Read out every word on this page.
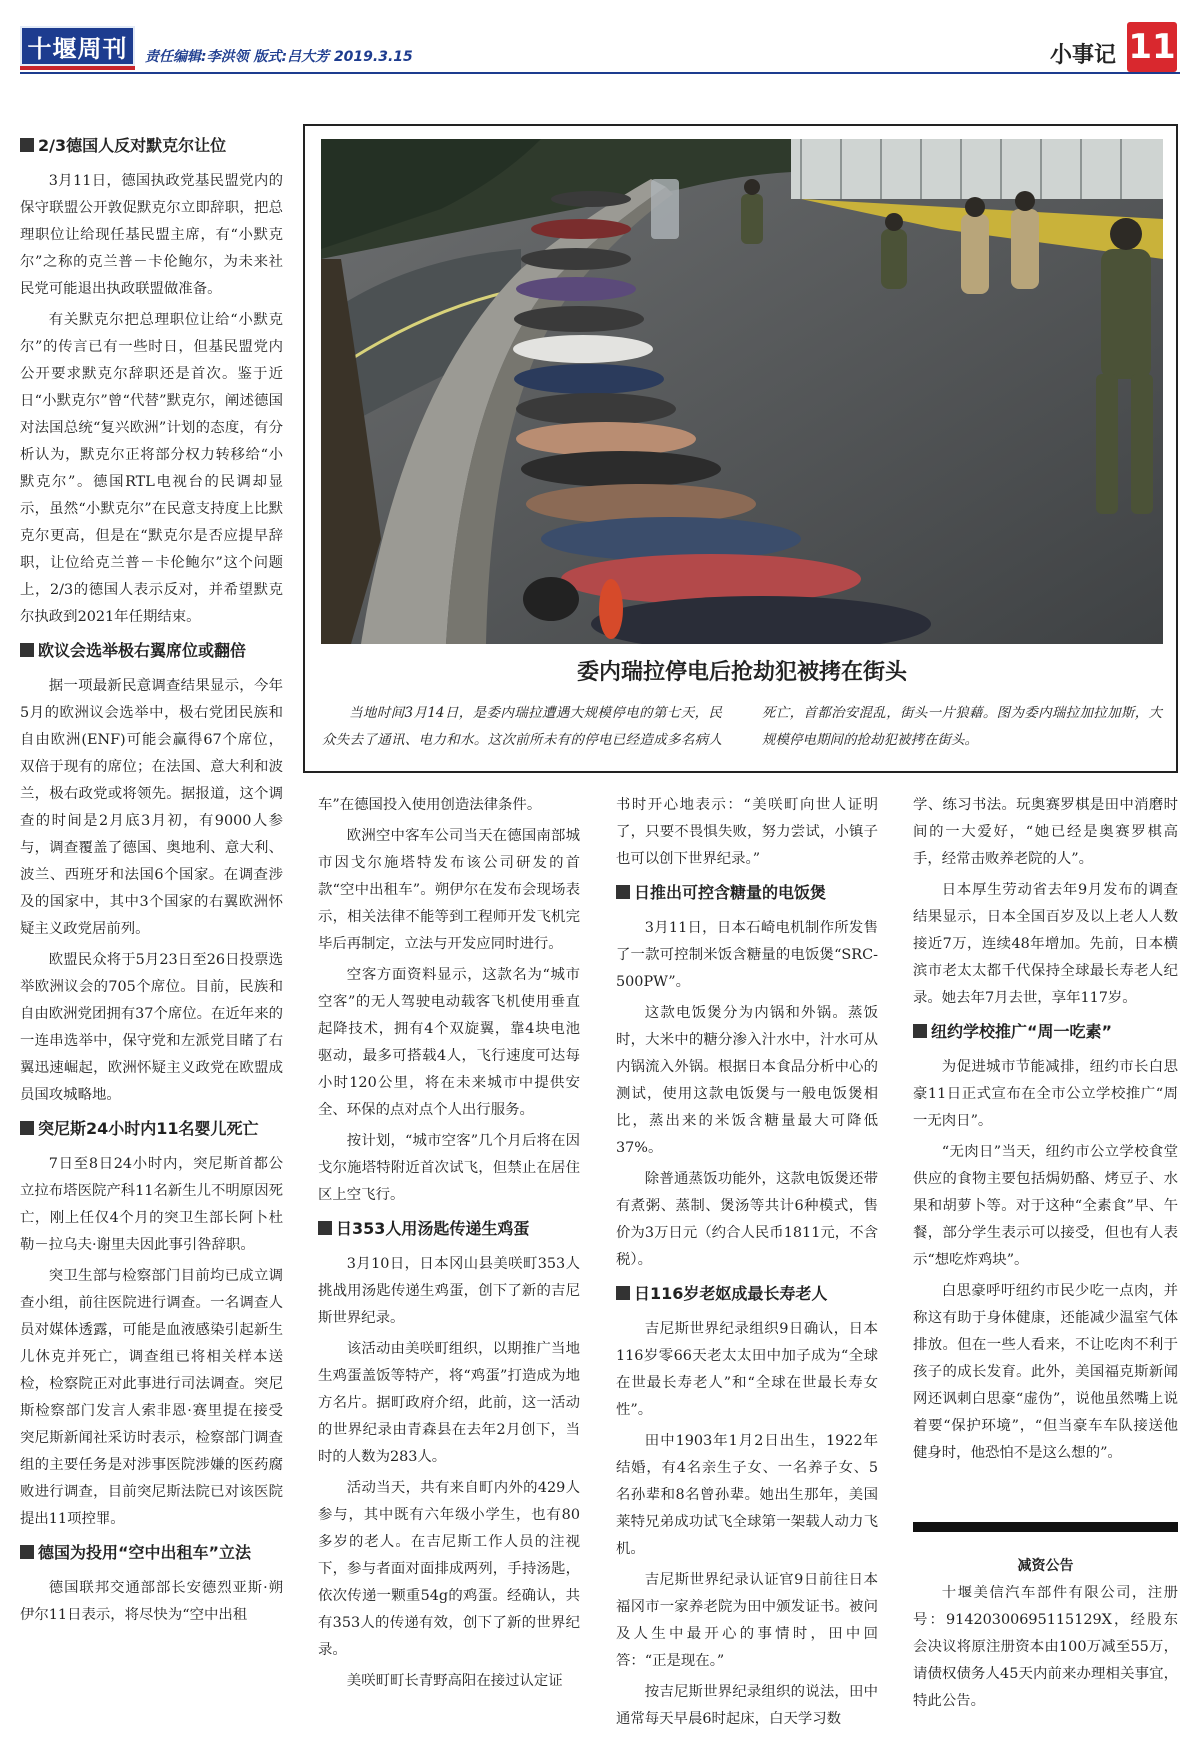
十堰周刊	责任编辑:李洪领 版式:吕大芳 2019.3.15	小事记 11
委内瑞拉停电后抢劫犯被拷在街头

当地时间3月14日，是委内瑞拉遭遇大规模停电的第七天，民众失去了通讯、电力和水。这次前所未有的停电已经造成多名病人死亡，首都治安混乱，街头一片狼藉。图为委内瑞拉加拉加斯，大规模停电期间的抢劫犯被拷在街头。

2/3德国人反对默克尔让位

3月11日，德国执政党基民盟党内的保守联盟公开敦促默克尔立即辞职，把总理职位让给现任基民盟主席，有“小默克尔”之称的克兰普－卡伦鲍尔，为未来社民党可能退出执政联盟做准备。

有关默克尔把总理职位让给“小默克尔”的传言已有一些时日，但基民盟党内公开要求默克尔辞职还是首次。鉴于近日“小默克尔”曾“代替”默克尔，阐述德国对法国总统“复兴欧洲”计划的态度，有分析认为，默克尔正将部分权力转移给“小默克尔”。德国RTL电视台的民调却显示，虽然“小默克尔”在民意支持度上比默克尔更高，但是在“默克尔是否应提早辞职，让位给克兰普－卡伦鲍尔”这个问题上，2/3的德国人表示反对，并希望默克尔执政到2021年任期结束。

欧议会选举极右翼席位或翻倍

据一项最新民意调查结果显示，今年5月的欧洲议会选举中，极右党团民族和自由欧洲(ENF)可能会赢得67个席位，双倍于现有的席位；在法国、意大利和波兰，极右政党或将领先。据报道，这个调查的时间是2月底3月初，有9000人参与，调查覆盖了德国、奥地利、意大利、波兰、西班牙和法国6个国家。在调查涉及的国家中，其中3个国家的右翼欧洲怀疑主义政党居前列。

欧盟民众将于5月23日至26日投票选举欧洲议会的705个席位。目前，民族和自由欧洲党团拥有37个席位。在近年来的一连串选举中，保守党和左派党目睹了右翼迅速崛起，欧洲怀疑主义政党在欧盟成员国攻城略地。

突尼斯24小时内11名婴儿死亡

7日至8日24小时内，突尼斯首都公立拉布塔医院产科11名新生儿不明原因死亡，刚上任仅4个月的突卫生部长阿卜杜勒－拉乌夫·谢里夫因此事引咎辞职。

突卫生部与检察部门目前均已成立调查小组，前往医院进行调查。一名调查人员对媒体透露，可能是血液感染引起新生儿休克并死亡，调查组已将相关样本送检，检察院正对此事进行司法调查。突尼斯检察部门发言人索非恩·赛里提在接受突尼斯新闻社采访时表示，检察部门调查组的主要任务是对涉事医院涉嫌的医药腐败进行调查，目前突尼斯法院已对该医院提出11项控罪。

德国为投用“空中出租车”立法

德国联邦交通部部长安德烈亚斯·朔伊尔11日表示，将尽快为“空中出租

车”在德国投入使用创造法律条件。

欧洲空中客车公司当天在德国南部城市因戈尔施塔特发布该公司研发的首款“空中出租车”。朔伊尔在发布会现场表示，相关法律不能等到工程师开发飞机完毕后再制定，立法与开发应同时进行。

空客方面资料显示，这款名为“城市空客”的无人驾驶电动载客飞机使用垂直起降技术，拥有4个双旋翼，靠4块电池驱动，最多可搭载4人，飞行速度可达每小时120公里，将在未来城市中提供安全、环保的点对点个人出行服务。

按计划，“城市空客”几个月后将在因戈尔施塔特附近首次试飞，但禁止在居住区上空飞行。

日353人用汤匙传递生鸡蛋

3月10日，日本冈山县美咲町353人挑战用汤匙传递生鸡蛋，创下了新的吉尼斯世界纪录。

该活动由美咲町组织，以期推广当地生鸡蛋盖饭等特产，将“鸡蛋”打造成为地方名片。据町政府介绍，此前，这一活动的世界纪录由青森县在去年2月创下，当时的人数为283人。

活动当天，共有来自町内外的429人参与，其中既有六年级小学生，也有80多岁的老人。在吉尼斯工作人员的注视下，参与者面对面排成两列，手持汤匙，依次传递一颗重54g的鸡蛋。经确认，共有353人的传递有效，创下了新的世界纪录。

美咲町町长青野高阳在接过认定证

书时开心地表示：“美咲町向世人证明了，只要不畏惧失败，努力尝试，小镇子也可以创下世界纪录。”

日推出可控含糖量的电饭煲

3月11日，日本石崎电机制作所发售了一款可控制米饭含糖量的电饭煲“SRC-500PW”。

这款电饭煲分为内锅和外锅。蒸饭时，大米中的糖分渗入汁水中，汁水可从内锅流入外锅。根据日本食品分析中心的测试，使用这款电饭煲与一般电饭煲相比，蒸出来的米饭含糖量最大可降低37%。

除普通蒸饭功能外，这款电饭煲还带有煮粥、蒸制、煲汤等共计6种模式，售价为3万日元（约合人民币1811元，不含税）。

日116岁老妪成最长寿老人

吉尼斯世界纪录组织9日确认，日本116岁零66天老太太田中加子成为“全球在世最长寿老人”和“全球在世最长寿女性”。

田中1903年1月2日出生，1922年结婚，有4名亲生子女、一名养子女、5名孙辈和8名曾孙辈。她出生那年，美国莱特兄弟成功试飞全球第一架载人动力飞机。

吉尼斯世界纪录认证官9日前往日本福冈市一家养老院为田中颁发证书。被问及人生中最开心的事情时，田中回答：“正是现在。”

按吉尼斯世界纪录组织的说法，田中通常每天早晨6时起床，白天学习数

学、练习书法。玩奥赛罗棋是田中消磨时间的一大爱好，“她已经是奥赛罗棋高手，经常击败养老院的人”。

日本厚生劳动省去年9月发布的调查结果显示，日本全国百岁及以上老人人数接近7万，连续48年增加。先前，日本横滨市老太太都千代保持全球最长寿老人纪录。她去年7月去世，享年117岁。

纽约学校推广“周一吃素”

为促进城市节能减排，纽约市长白思豪11日正式宣布在全市公立学校推广“周一无肉日”。

“无肉日”当天，纽约市公立学校食堂供应的食物主要包括焗奶酪、烤豆子、水果和胡萝卜等。对于这种“全素食”早、午餐，部分学生表示可以接受，但也有人表示“想吃炸鸡块”。

白思豪呼吁纽约市民少吃一点肉，并称这有助于身体健康，还能减少温室气体排放。但在一些人看来，不让吃肉不利于孩子的成长发育。此外，美国福克斯新闻网还讽刺白思豪“虚伪”，说他虽然嘴上说着要“保护环境”，“但当豪车车队接送他健身时，他恐怕不是这么想的”。

减资公告

十堰美信汽车部件有限公司，注册号：91420300695115129X，经股东会决议将原注册资本由100万减至55万，请债权债务人45天内前来办理相关事宜，特此公告。
